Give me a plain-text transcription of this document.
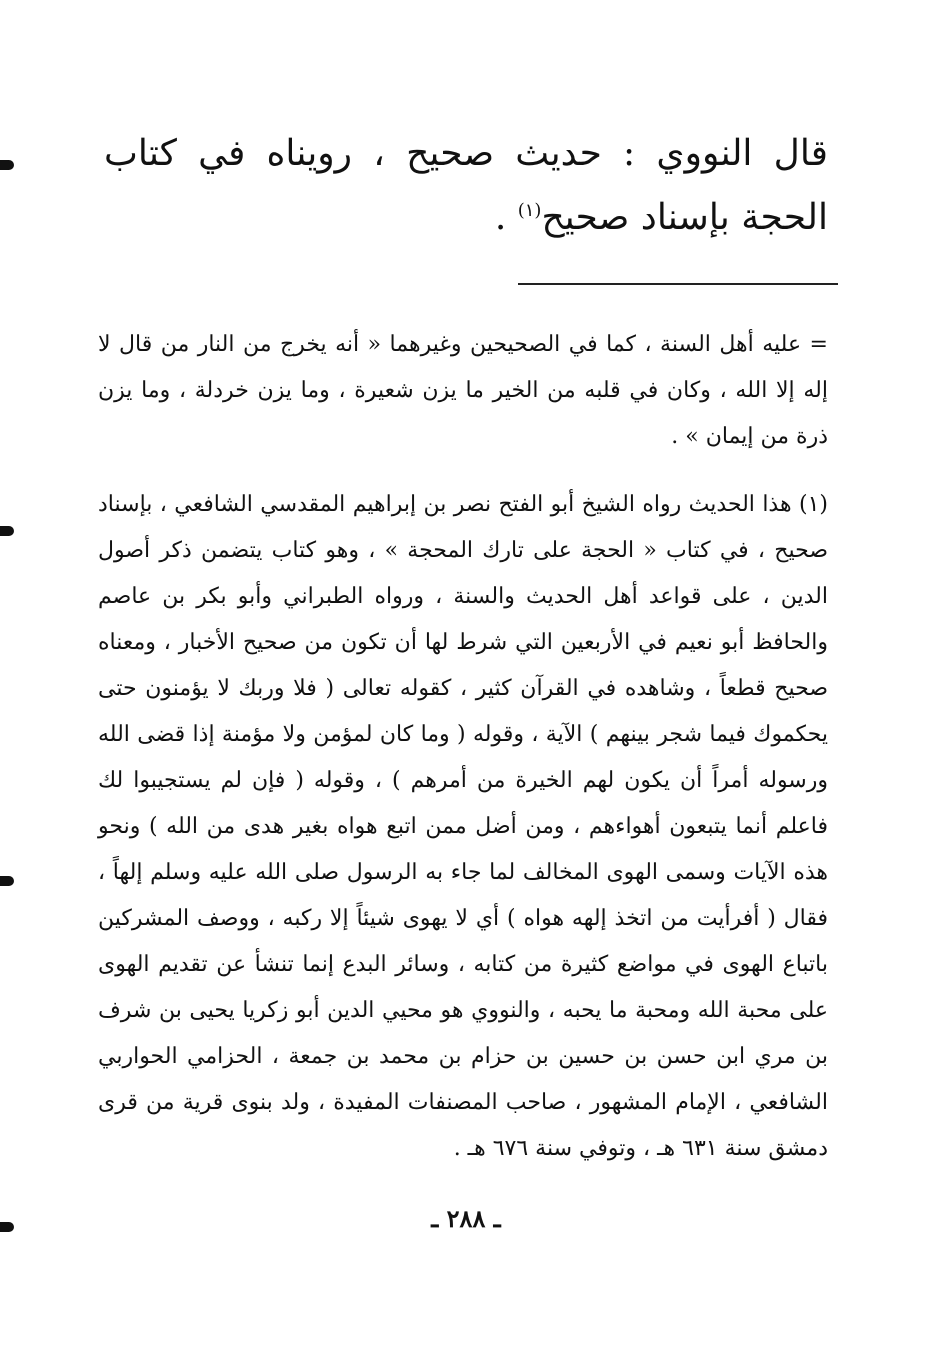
قال النووي : حديث صحيح ، رويناه في كتاب الحجة بإسناد صحيح$^{(١)}$ .

= عليه أهل السنة ، كما في الصحيحين وغيرهما « أنه يخرج من النار من قال لا إله إلا الله ، وكان في قلبه من الخير ما يزن شعيرة ، وما يزن خردلة ، وما يزن ذرة من إيمان » .

(١) هذا الحديث رواه الشيخ أبو الفتح نصر بن إبراهيم المقدسي الشافعي ، بإسناد صحيح ، في كتاب « الحجة على تارك المحجة » ، وهو كتاب يتضمن ذكر أصول الدين ، على قواعد أهل الحديث والسنة ، ورواه الطبراني وأبو بكر بن عاصم والحافظ أبو نعيم في الأربعين التي شرط لها أن تكون من صحيح الأخبار ، ومعناه صحيح قطعاً ، وشاهده في القرآن كثير ، كقوله تعالى ( فلا وربك لا يؤمنون حتى يحكموك فيما شجر بينهم ) الآية ، وقوله ( وما كان لمؤمن ولا مؤمنة إذا قضى الله ورسوله أمراً أن يكون لهم الخيرة من أمرهم ) ، وقوله ( فإن لم يستجيبوا لك فاعلم أنما يتبعون أهواءهم ، ومن أضل ممن اتبع هواه بغير هدى من الله ) ونحو هذه الآيات وسمى الهوى المخالف لما جاء به الرسول صلى الله عليه وسلم إلهاً ، فقال ( أفرأيت من اتخذ إلهه هواه ) أي لا يهوى شيئاً إلا ركبه ، ووصف المشركين باتباع الهوى في مواضع كثيرة من كتابه ، وسائر البدع إنما تنشأ عن تقديم الهوى على محبة الله ومحبة ما يحبه ، والنووي هو محيي الدين أبو زكريا يحيى بن شرف بن مري ابن حسن بن حسين بن حزام بن محمد بن جمعة ، الحزامي الحواربي الشافعي ، الإمام المشهور ، صاحب المصنفات المفيدة ، ولد بنوى قرية من قرى دمشق سنة ٦٣١ هـ ، وتوفي سنة ٦٧٦ هـ .

ـ ٢٨٨ ـ
